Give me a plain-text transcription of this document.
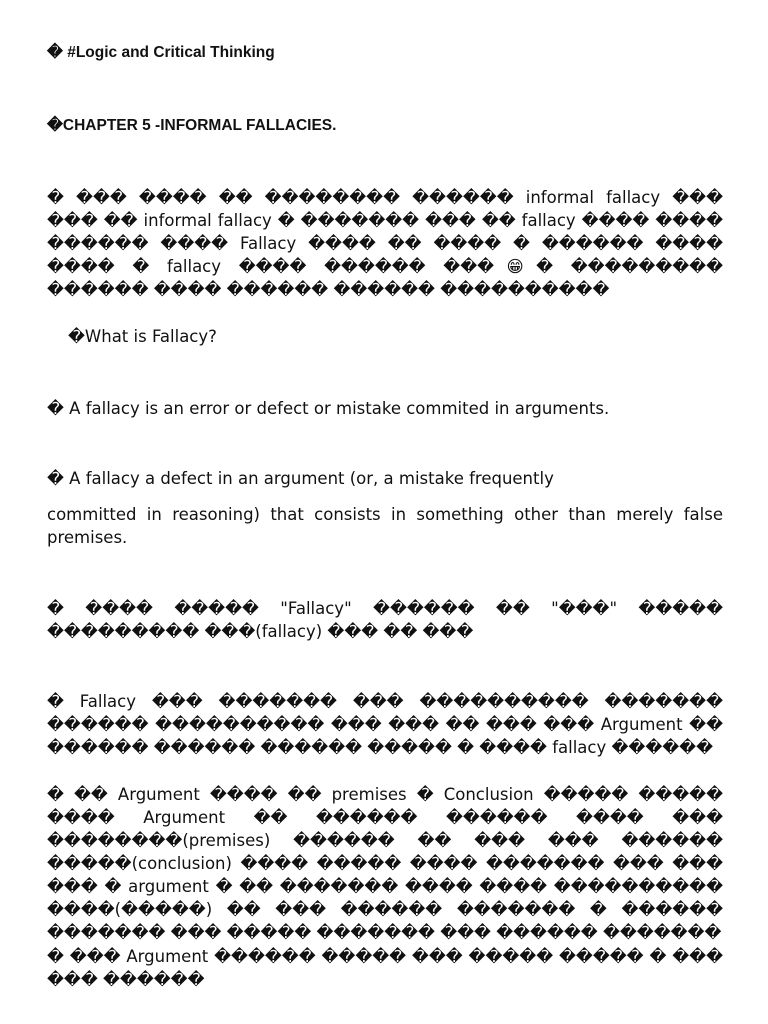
� #Logic and Critical Thinking
�CHAPTER 5 -INFORMAL FALLACIES.
� ��� ���� �� �������� ������ informal fallacy ��� ��� �� informal fallacy � ������� ��� �� fallacy ���� ���� ������ ���� Fallacy ���� �� ���� � ������ ���� ���� � fallacy ���� ������ ���😁� ��������� ������ ���� ������ ������ ����������
�What is Fallacy?
� A fallacy is an error or defect or mistake commited in arguments.
� A fallacy a defect in an argument (or, a mistake frequently
committed in reasoning) that consists in something other than merely false premises.
� ���� ����� "Fallacy" ������ �� "���" ����� ��������� ���(fallacy) ��� �� ���
� Fallacy ��� ������� ��� ���������� ������� ������ ���������� ��� ��� �� ��� ��� Argument �� ������ ������ ������ ����� � ���� fallacy ������
� �� Argument ���� �� premises � Conclusion ����� ����� ���� Argument �� ������ ������ ���� ��� ��������(premises) ������ �� ��� ��� ������ �����(conclusion) ���� ����� ���� ������� ��� ��� ��� � argument � �� ������� ���� ���� ���������� ����(�����) �� ��� ������ ������� � ������ ������� ��� ����� ������� ��� ������ �������
� ��� Argument ������ ����� ��� ����� ����� � ��� ��� ������
